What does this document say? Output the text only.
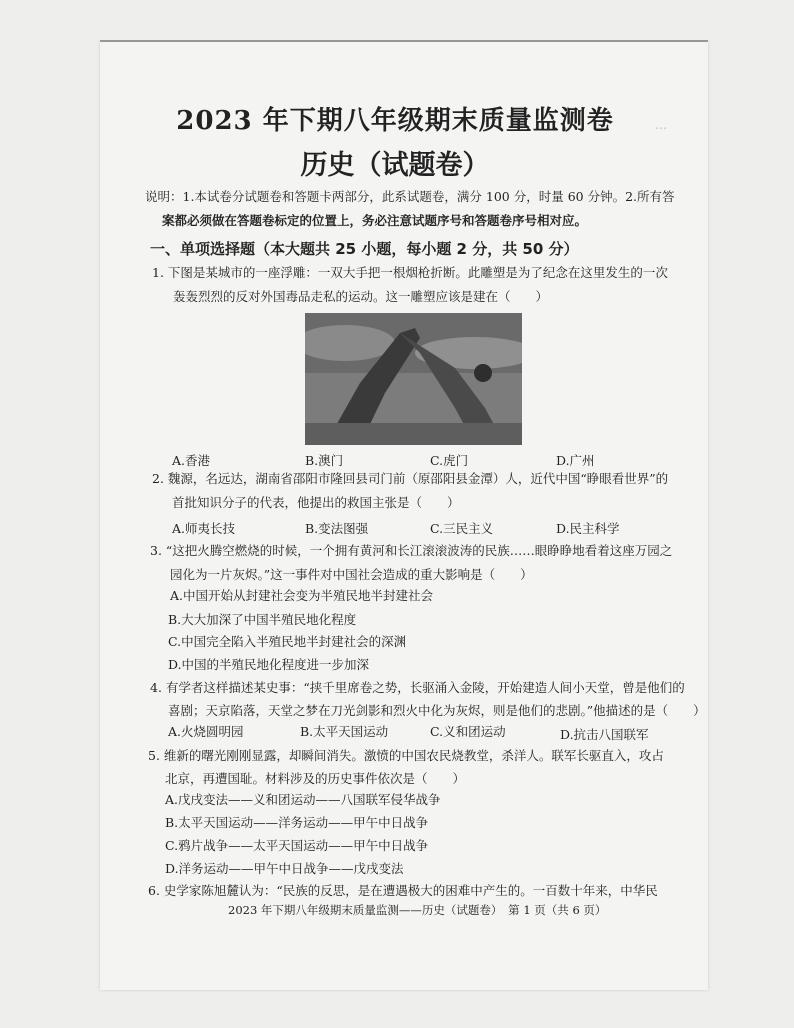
…
2023 年下期八年级期末质量监测卷
历史（试题卷）
说明：1.本试卷分试题卷和答题卡两部分，此系试题卷，满分 100 分，时量 60 分钟。2.所有答
案都必须做在答题卷标定的位置上，务必注意试题序号和答题卷序号相对应。
一、单项选择题（本大题共 25 小题，每小题 2 分，共 50 分）
1. 下图是某城市的一座浮雕：一双大手把一根烟枪折断。此雕塑是为了纪念在这里发生的一次
轰轰烈烈的反对外国毒品走私的运动。这一雕塑应该是建在（　　）
A.香港	B.澳门	C.虎门	D.广州
2. 魏源，名远达，湖南省邵阳市隆回县司门前（原邵阳县金潭）人，近代中国“睁眼看世界”的
首批知识分子的代表，他提出的救国主张是（　　）
A.师夷长技	B.变法图强	C.三民主义	D.民主科学
3. “这把火腾空燃烧的时候，一个拥有黄河和长江滚滚波涛的民族……眼睁睁地看着这座万园之
园化为一片灰烬。”这一事件对中国社会造成的重大影响是（　　）
A.中国开始从封建社会变为半殖民地半封建社会
B.大大加深了中国半殖民地化程度
C.中国完全陷入半殖民地半封建社会的深渊
D.中国的半殖民地化程度进一步加深
4. 有学者这样描述某史事：“挟千里席卷之势，长驱涌入金陵，开始建造人间小天堂，曾是他们的
喜剧；天京陷落，天堂之梦在刀光剑影和烈火中化为灰烬，则是他们的悲剧。”他描述的是（　　）
A.火烧圆明园	B.太平天国运动	C.义和团运动	D.抗击八国联军
5. 维新的曙光刚刚显露，却瞬间消失。激愤的中国农民烧教堂，杀洋人。联军长驱直入，攻占
北京，再遭国耻。材料涉及的历史事件依次是（　　）
A.戊戌变法——义和团运动——八国联军侵华战争
B.太平天国运动——洋务运动——甲午中日战争
C.鸦片战争——太平天国运动——甲午中日战争
D.洋务运动——甲午中日战争——戊戌变法
6. 史学家陈旭麓认为：“民族的反思，是在遭遇极大的困难中产生的。一百数十年来，中华民
2023 年下期八年级期末质量监测——历史（试题卷）　第 1 页（共 6 页）
